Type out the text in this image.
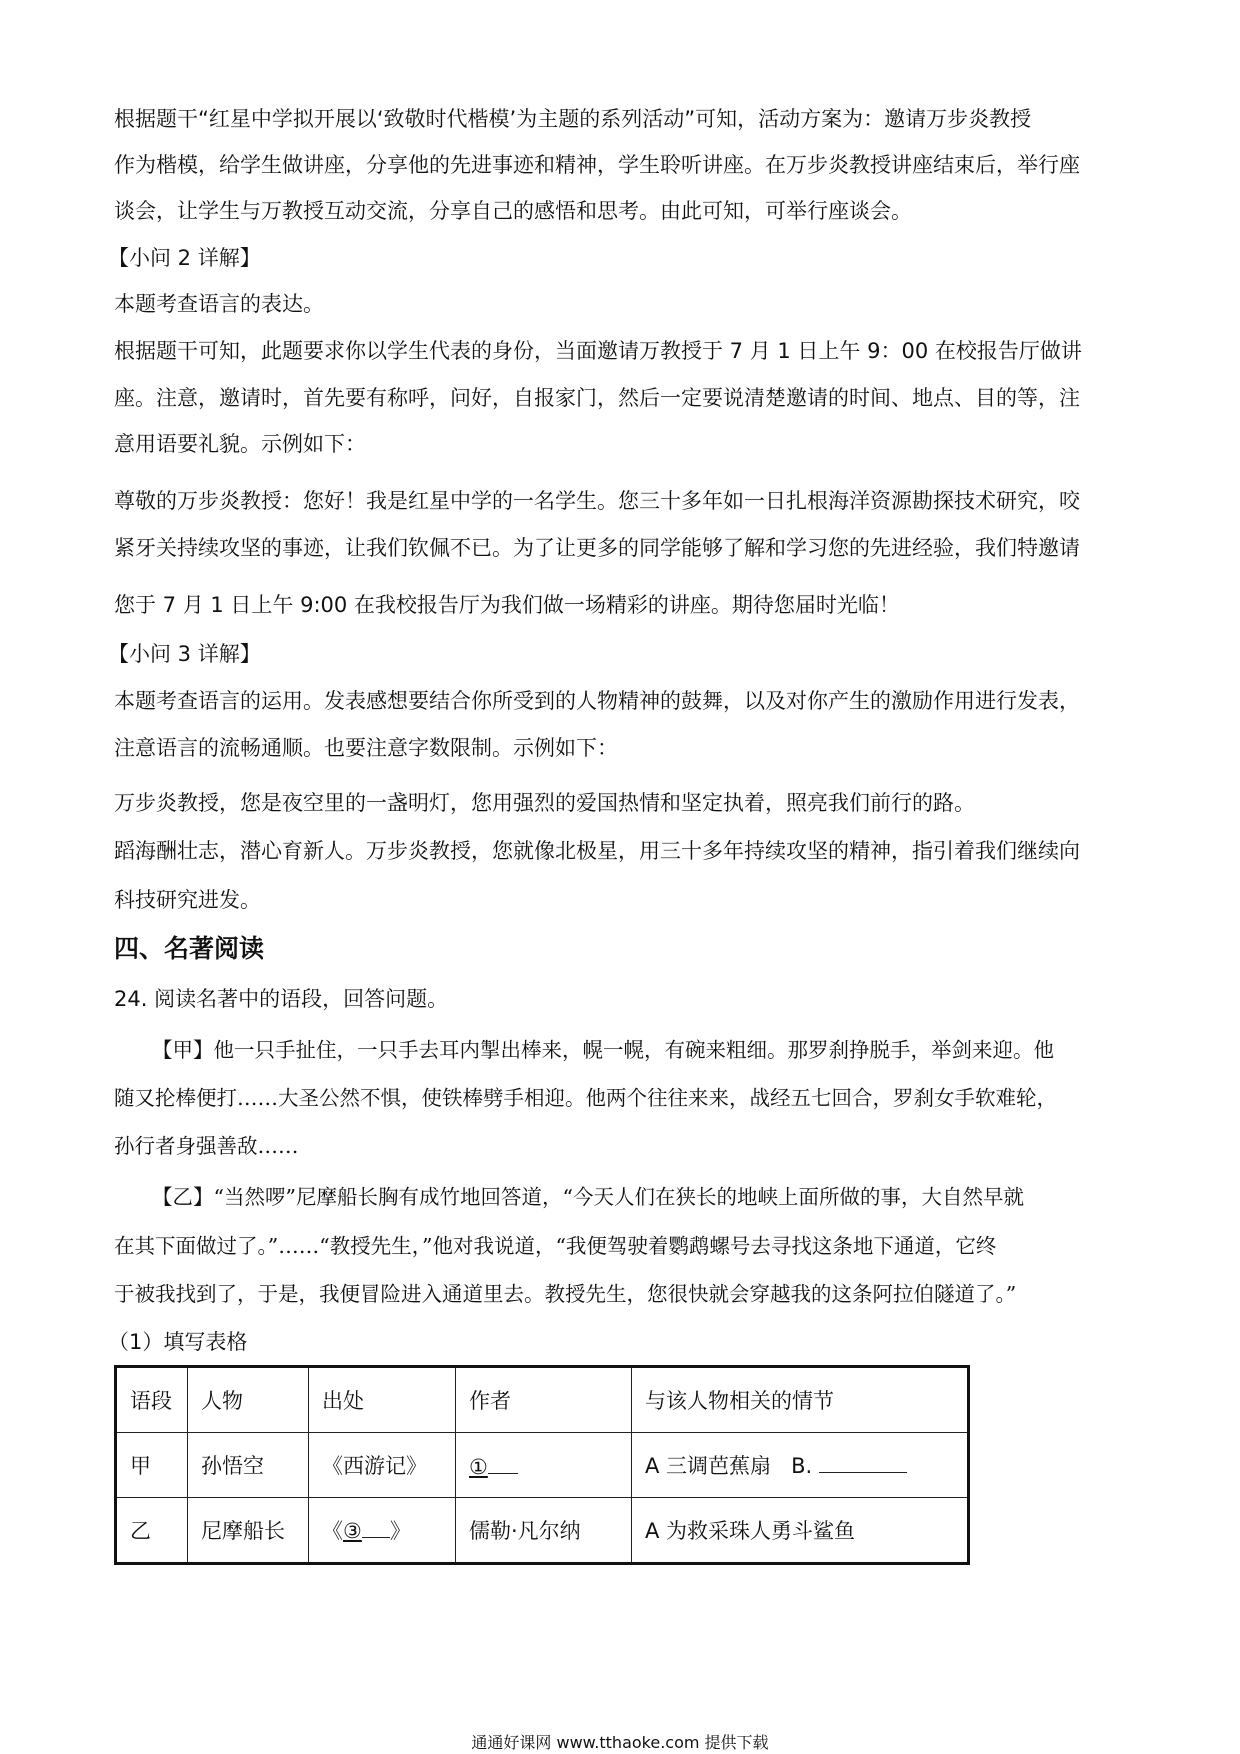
根据题干“红星中学拟开展以‘致敬时代楷模’为主题的系列活动”可知，活动方案为：邀请万步炎教授
作为楷模，给学生做讲座，分享他的先进事迹和精神，学生聆听讲座。在万步炎教授讲座结束后，举行座
谈会，让学生与万教授互动交流，分享自己的感悟和思考。由此可知，可举行座谈会。
【小问 2 详解】
本题考查语言的表达。
根据题干可知，此题要求你以学生代表的身份，当面邀请万教授于 7 月 1 日上午 9：00 在校报告厅做讲
座。注意，邀请时，首先要有称呼，问好，自报家门，然后一定要说清楚邀请的时间、地点、目的等，注
意用语要礼貌。示例如下：
尊敬的万步炎教授：您好！我是红星中学的一名学生。您三十多年如一日扎根海洋资源勘探技术研究，咬
紧牙关持续攻坚的事迹，让我们钦佩不已。为了让更多的同学能够了解和学习您的先进经验，我们特邀请
您于 7 月 1 日上午 9:00 在我校报告厅为我们做一场精彩的讲座。期待您届时光临！
【小问 3 详解】
本题考查语言的运用。发表感想要结合你所受到的人物精神的鼓舞，以及对你产生的激励作用进行发表，
注意语言的流畅通顺。也要注意字数限制。示例如下：
万步炎教授，您是夜空里的一盏明灯，您用强烈的爱国热情和坚定执着，照亮我们前行的路。
蹈海酬壮志，潜心育新人。万步炎教授，您就像北极星，用三十多年持续攻坚的精神，指引着我们继续向
科技研究进发。
四、名著阅读
24. 阅读名著中的语段，回答问题。
【甲】他一只手扯住，一只手去耳内掣出棒来，幌一幌，有碗来粗细。那罗刹挣脱手，举剑来迎。他
随又抡棒便打……大圣公然不惧，使铁棒劈手相迎。他两个往往来来，战经五七回合，罗刹女手软难轮，
孙行者身强善敌……
【乙】“当然啰”尼摩船长胸有成竹地回答道，“今天人们在狭长的地峡上面所做的事，大自然早就
在其下面做过了。”……“教授先生，”他对我说道，“我便驾驶着鹦鹉螺号去寻找这条地下通道，它终
于被我找到了，于是，我便冒险进入通道里去。教授先生，您很快就会穿越我的这条阿拉伯隧道了。”
（1）填写表格
语段	人物	出处	作者	与该人物相关的情节
甲	孙悟空	《西游记》	①	A 三调芭蕉扇 B.
乙	尼摩船长	《③ 》	儒勒·凡尔纳	A 为救采珠人勇斗鲨鱼
通通好课网 www.tthaoke.com 提供下载
